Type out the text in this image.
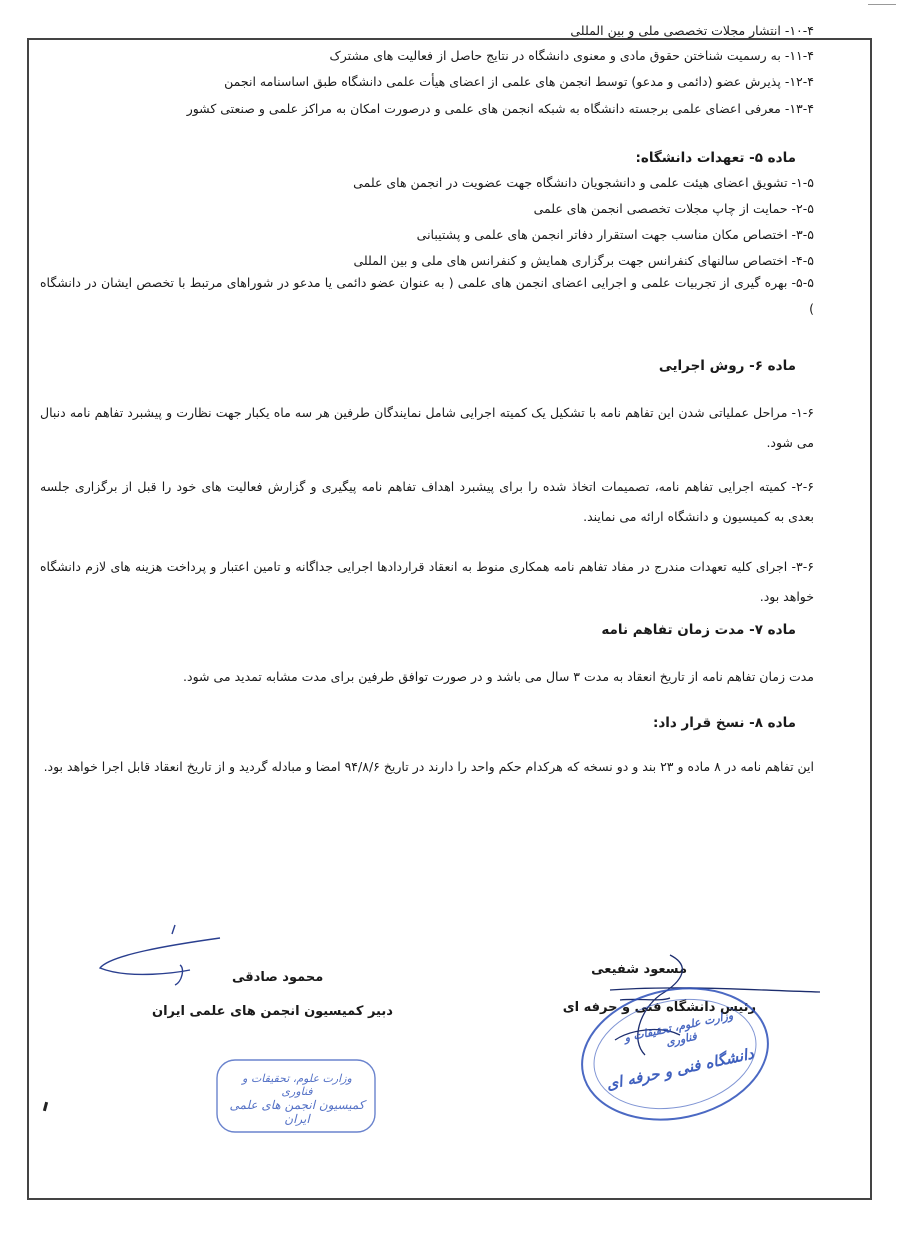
۱۰-۴- انتشار مجلات تخصصی ملی و بین المللی
۱۱-۴- به رسمیت شناختن حقوق مادی و معنوی دانشگاه در نتایج حاصل از فعالیت های مشترک
۱۲-۴- پذیرش عضو (دائمی و مدعو) توسط انجمن های علمی از اعضای هیأت علمی دانشگاه طبق اساسنامه انجمن
۱۳-۴- معرفی اعضای علمی برجسته دانشگاه به شبکه انجمن های علمی و درصورت امکان به مراکز علمی و صنعتی کشور
ماده ۵- تعهدات دانشگاه:
۱-۵- تشویق اعضای هیئت علمی و دانشجویان دانشگاه جهت عضویت در انجمن های علمی
۲-۵- حمایت از چاپ مجلات تخصصی انجمن های علمی
۳-۵- اختصاص مکان مناسب جهت استقرار دفاتر انجمن های علمی و پشتیبانی
۴-۵- اختصاص سالنهای کنفرانس جهت برگزاری همایش و کنفرانس های ملی و بین المللی
۵-۵- بهره گیری از تجربیات علمی و اجرایی اعضای انجمن های علمی ( به عنوان عضو دائمی یا مدعو در شوراهای مرتبط با تخصص ایشان در دانشگاه )
ماده ۶- روش اجرایی
۱-۶- مراحل عملیاتی شدن این تفاهم نامه با تشکیل یک کمیته اجرایی شامل نمایندگان طرفین هر سه ماه یکبار جهت نظارت و پیشبرد تفاهم نامه دنبال می شود.
۲-۶- کمیته اجرایی تفاهم نامه، تصمیمات اتخاذ شده را برای پیشبرد اهداف تفاهم نامه پیگیری و گزارش فعالیت های خود را قبل از برگزاری جلسه بعدی به کمیسیون و دانشگاه ارائه می نمایند.
۳-۶- اجرای کلیه تعهدات مندرج در مفاد تفاهم نامه همکاری منوط به انعقاد قراردادها اجرایی جداگانه و تامین اعتبار و پرداخت هزینه های لازم دانشگاه خواهد بود.
ماده ۷- مدت زمان تفاهم نامه
مدت زمان تفاهم نامه از تاریخ انعقاد به مدت ۳ سال می باشد و در صورت توافق طرفین برای مدت مشابه تمدید می شود.
ماده ۸- نسخ قرار داد:
این تفاهم نامه در ۸ ماده و ۲۳ بند و دو نسخه که هرکدام حکم واحد را دارند در تاریخ ۹۴/۸/۶ امضا و مبادله گردید و از تاریخ انعقاد قابل اجرا خواهد بود.
مسعود شفیعی
رئیس دانشگاه فنی و حرفه ای
محمود صادقی
دبیر کمیسیون انجمن های علمی ایران
وزارت علوم، تحقیقات و فناوری
کمیسیون انجمن های علمی ایران
وزارت علوم، تحقیقات و فناوری
دانشگاه فنی و حرفه ای
